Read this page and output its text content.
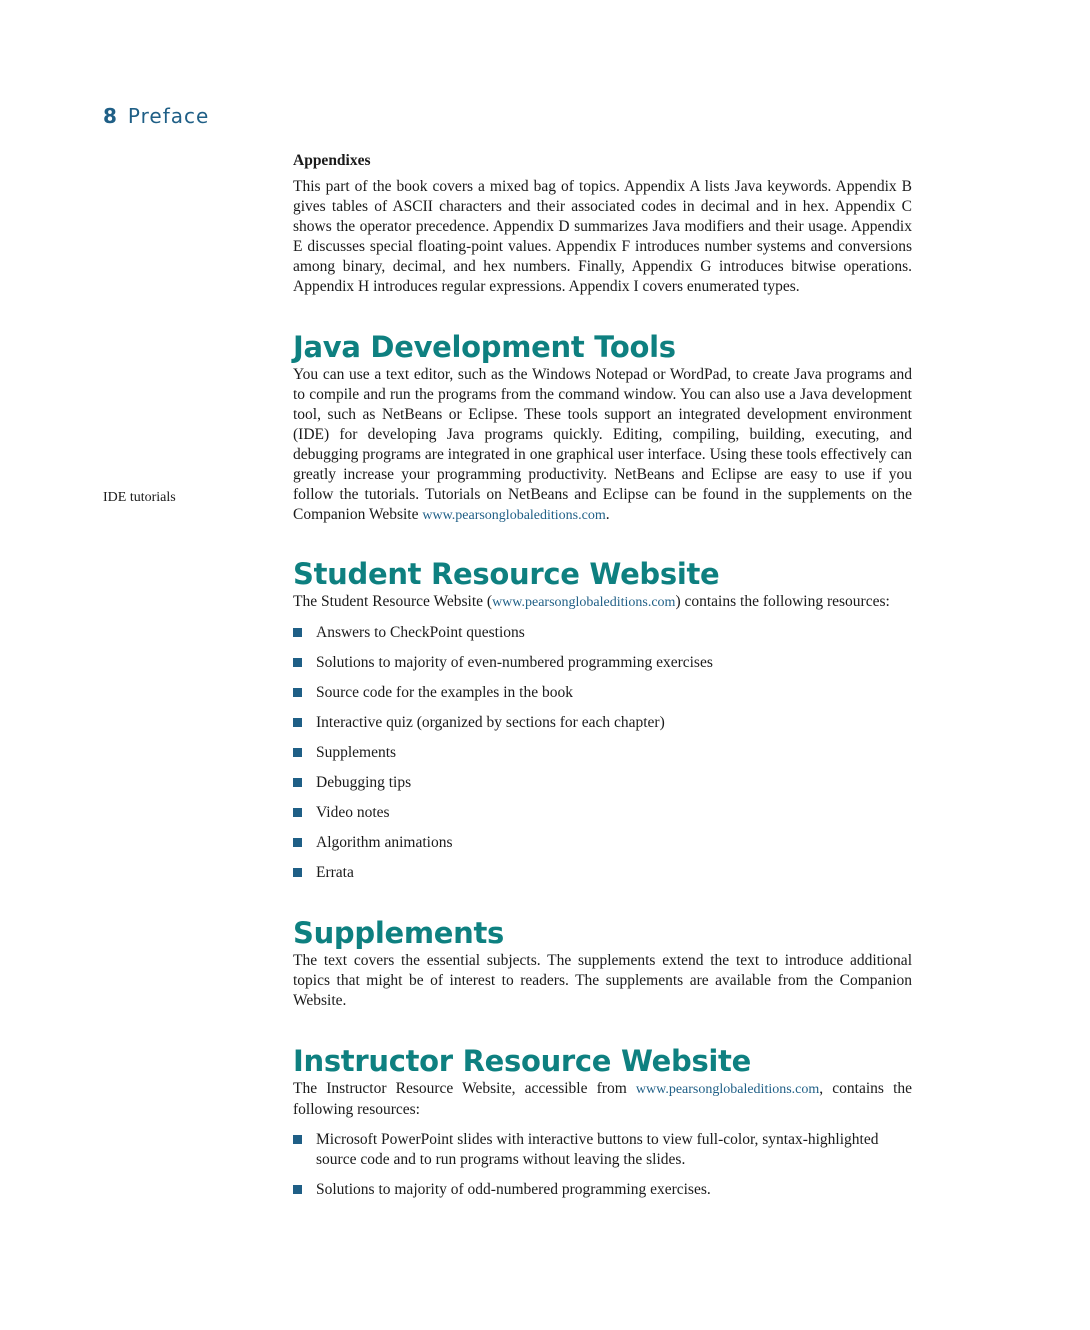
8 Preface
IDE tutorials
Appendixes

This part of the book covers a mixed bag of topics. Appendix A lists Java keywords. Appendix B gives tables of ASCII characters and their associated codes in decimal and in hex. Appendix C shows the operator precedence. Appendix D summarizes Java modifiers and their usage. Appendix E discusses special floating-point values. Appendix F introduces number systems and conversions among binary, decimal, and hex numbers. Finally, Appendix G introduces bitwise operations. Appendix H introduces regular expressions. Appendix I covers enumerated types.

Java Development Tools

You can use a text editor, such as the Windows Notepad or WordPad, to create Java programs and to compile and run the programs from the command window. You can also use a Java development tool, such as NetBeans or Eclipse. These tools support an integrated development environment (IDE) for developing Java programs quickly. Editing, compiling, building, executing, and debugging programs are integrated in one graphical user interface. Using these tools effectively can greatly increase your programming productivity. NetBeans and Eclipse are easy to use if you follow the tutorials. Tutorials on NetBeans and Eclipse can be found in the supplements on the Companion Website www.pearsonglobaleditions.com.

Student Resource Website

The Student Resource Website (www.pearsonglobaleditions.com) contains the following resources:

Answers to CheckPoint questions
Solutions to majority of even-numbered programming exercises
Source code for the examples in the book
Interactive quiz (organized by sections for each chapter)
Supplements
Debugging tips
Video notes
Algorithm animations
Errata
Supplements

The text covers the essential subjects. The supplements extend the text to introduce additional topics that might be of interest to readers. The supplements are available from the Companion Website.

Instructor Resource Website

The Instructor Resource Website, accessible from www.pearsonglobaleditions.com, contains the following resources:

Microsoft PowerPoint slides with interactive buttons to view full-color, syntax-highlighted source code and to run programs without leaving the slides.
Solutions to majority of odd-numbered programming exercises.
